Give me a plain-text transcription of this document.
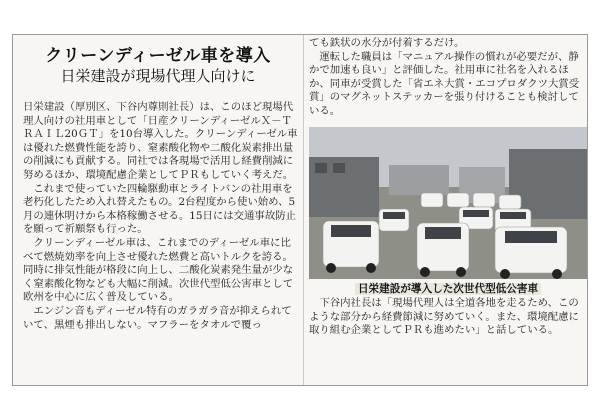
クリーンディーゼル車を導入
日栄建設が現場代理人向けに

日栄建設（厚別区、下谷内尊則社長）は、このほど現場代理人向けの社用車として「日産クリーンディーゼルＸ－ＴＲＡＩＬ20ＧＴ」を10台導入した。クリーンディーゼル車は優れた燃費性能を誇り、窒素酸化物や二酸化炭素排出量の削減にも貢献する。同社では各現場で活用し経費削減に努めるほか、環境配慮企業としてＰＲもしていく考えだ。

これまで使っていた四輪駆動車とライトバンの社用車を老朽化したため入れ替えたもの。2台程度から使い始め、5月の連休明けから本格稼働させる。15日には交通事故防止を願って祈願祭も行った。

クリーンディーゼル車は、これまでのディーゼル車に比べて燃焼効率を向上させ優れた燃費と高いトルクを誇る。同時に排気性能が格段に向上し、二酸化炭素発生量が少なく窒素酸化物なども大幅に削減。次世代型低公害車として欧州を中心に広く普及している。

エンジン音もディーゼル特有のガラガラ音が抑えられていて、黒煙も排出しない。マフラーをタオルで覆っ

ても鉄状の水分が付着するだけ。

運転した職員は「マニュアル操作の慣れが必要だが、静かで加速も良い」と評価した。社用車に社名を入れるほか、同車が受賞した「省エネ大賞・エコプロダクツ大賞受賞」のマグネットステッカーを張り付けることも検討している。

日栄建設が導入した次世代型低公害車

下谷内社長は「現場代理人は全道各地を走るため、このような部分から経費節減に努めていく。また、環境配慮に取り組む企業としてＰＲも進めたい」と話している。
